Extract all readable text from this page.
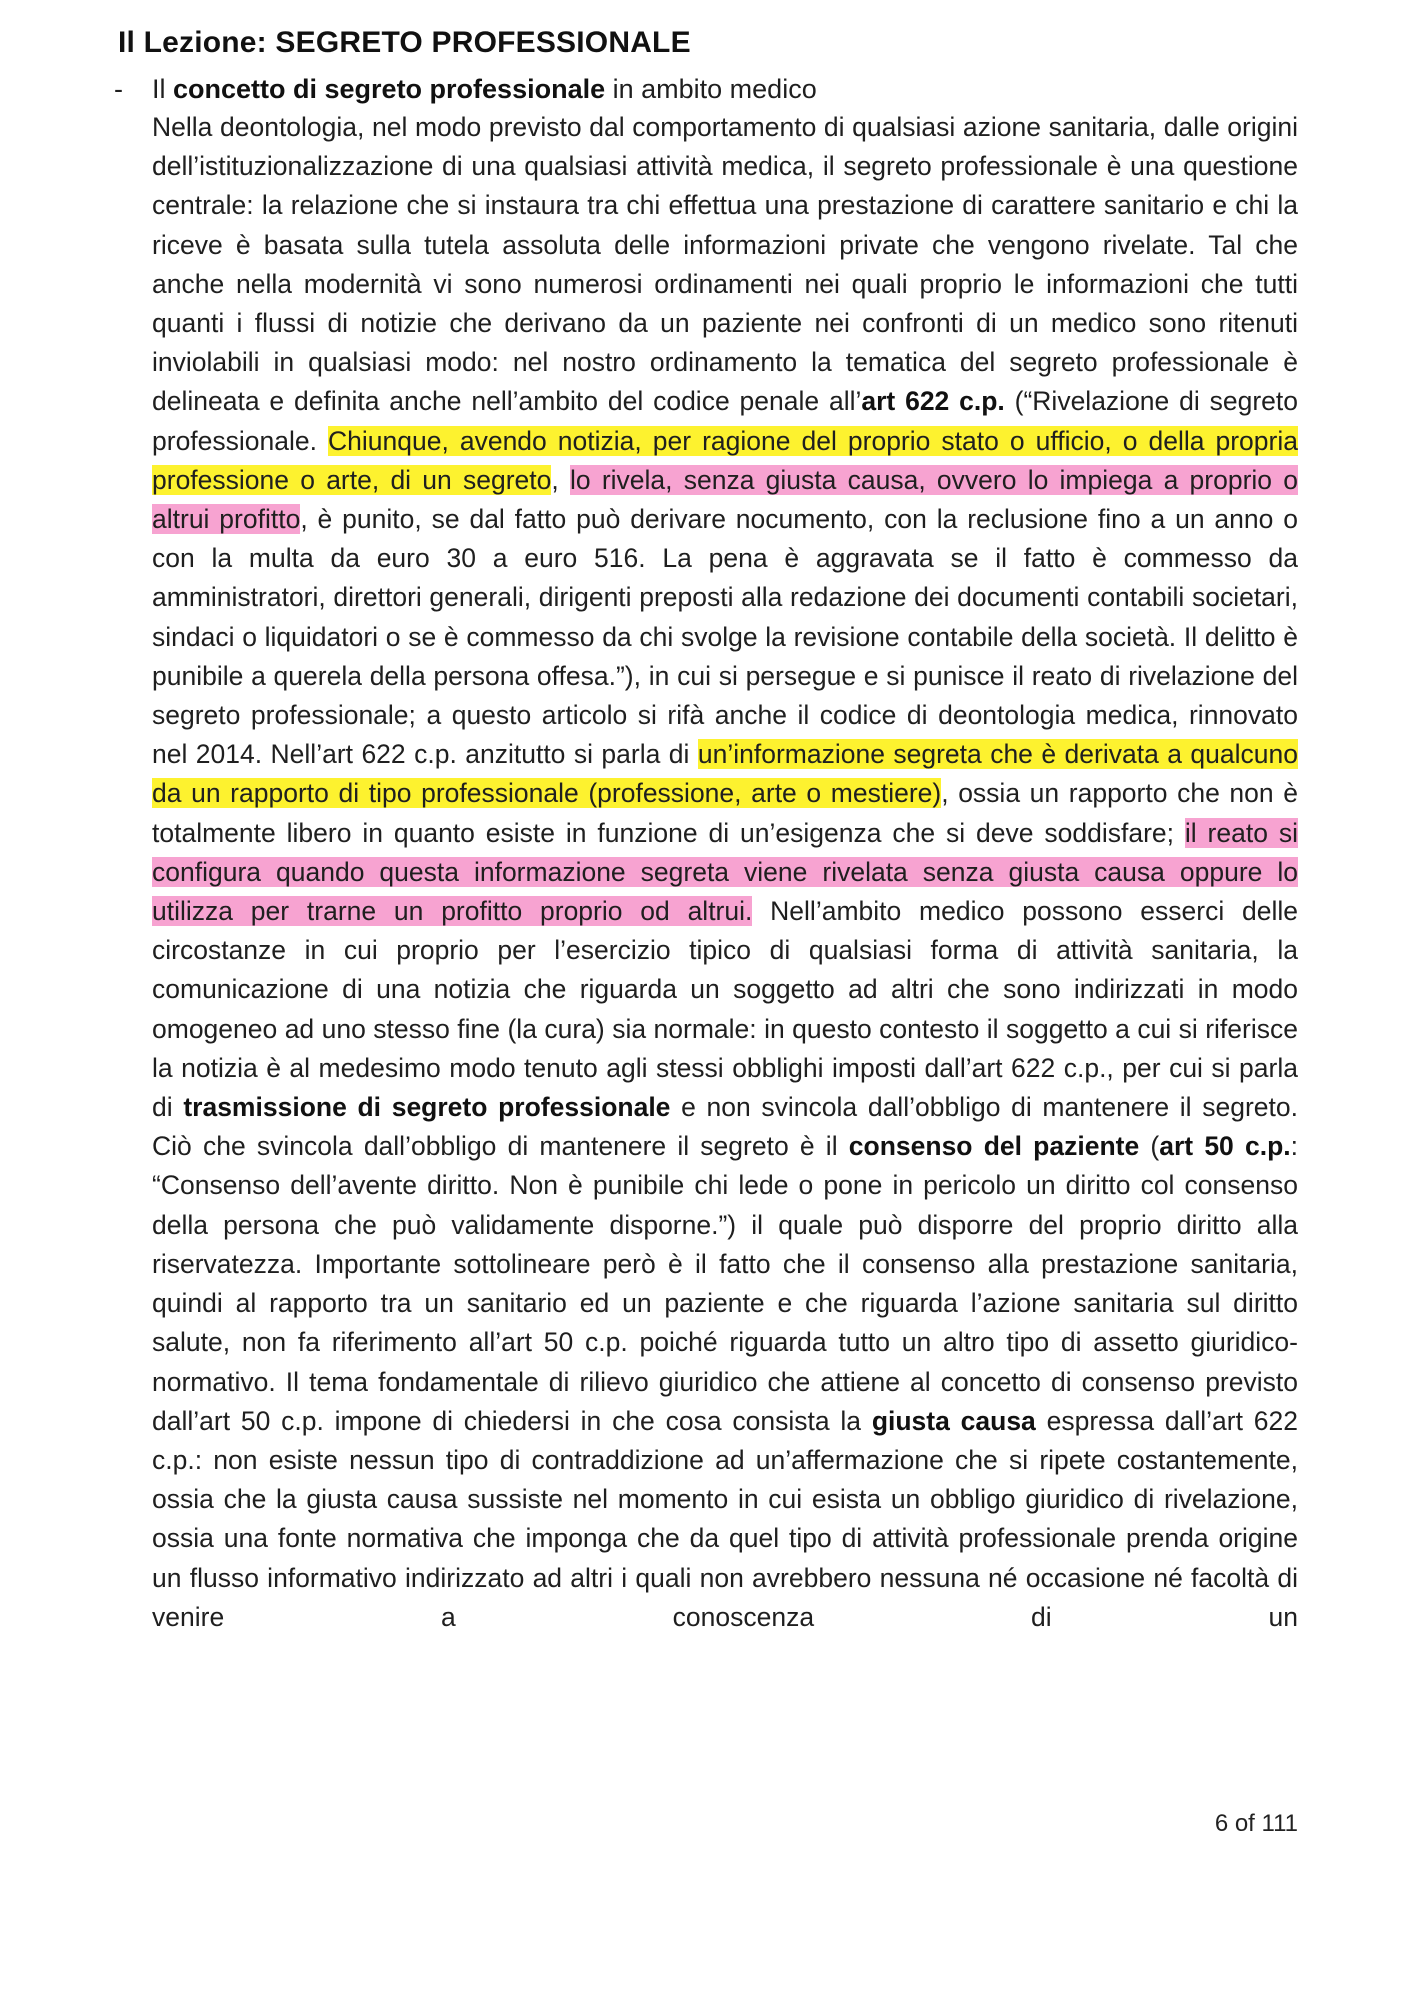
Il Lezione: SEGRETO PROFESSIONALE
- Il concetto di segreto professionale in ambito medico

Nella deontologia, nel modo previsto dal comportamento di qualsiasi azione sanitaria, dalle origini dell’istituzionalizzazione di una qualsiasi attività medica, il segreto professionale è una questione centrale: la relazione che si instaura tra chi effettua una prestazione di carattere sanitario e chi la riceve è basata sulla tutela assoluta delle informazioni private che vengono rivelate. Tal che anche nella modernità vi sono numerosi ordinamenti nei quali proprio le informazioni che tutti quanti i flussi di notizie che derivano da un paziente nei confronti di un medico sono ritenuti inviolabili in qualsiasi modo: nel nostro ordinamento la tematica del segreto professionale è delineata e definita anche nell’ambito del codice penale all’art 622 c.p. (“Rivelazione di segreto professionale. Chiunque, avendo notizia, per ragione del proprio stato o ufficio, o della propria professione o arte, di un segreto, lo rivela, senza giusta causa, ovvero lo impiega a proprio o altrui profitto, è punito, se dal fatto può derivare nocumento, con la reclusione fino a un anno o con la multa da euro 30 a euro 516. La pena è aggravata se il fatto è commesso da amministratori, direttori generali, dirigenti preposti alla redazione dei documenti contabili societari, sindaci o liquidatori o se è commesso da chi svolge la revisione contabile della società. Il delitto è punibile a querela della persona offesa.”), in cui si persegue e si punisce il reato di rivelazione del segreto professionale; a questo articolo si rifà anche il codice di deontologia medica, rinnovato nel 2014. Nell’art 622 c.p. anzitutto si parla di un’informazione segreta che è derivata a qualcuno da un rapporto di tipo professionale (professione, arte o mestiere), ossia un rapporto che non è totalmente libero in quanto esiste in funzione di un’esigenza che si deve soddisfare; il reato si configura quando questa informazione segreta viene rivelata senza giusta causa oppure lo utilizza per trarne un profitto proprio od altrui. Nell’ambito medico possono esserci delle circostanze in cui proprio per l’esercizio tipico di qualsiasi forma di attività sanitaria, la comunicazione di una notizia che riguarda un soggetto ad altri che sono indirizzati in modo omogeneo ad uno stesso fine (la cura) sia normale: in questo contesto il soggetto a cui si riferisce la notizia è al medesimo modo tenuto agli stessi obblighi imposti dall’art 622 c.p., per cui si parla di trasmissione di segreto professionale e non svincola dall’obbligo di mantenere il segreto. Ciò che svincola dall’obbligo di mantenere il segreto è il consenso del paziente (art 50 c.p.: “Consenso dell’avente diritto. Non è punibile chi lede o pone in pericolo un diritto col consenso della persona che può validamente disporne.”) il quale può disporre del proprio diritto alla riservatezza. Importante sottolineare però è il fatto che il consenso alla prestazione sanitaria, quindi al rapporto tra un sanitario ed un paziente e che riguarda l’azione sanitaria sul diritto salute, non fa riferimento all’art 50 c.p. poiché riguarda tutto un altro tipo di assetto giuridico-normativo. Il tema fondamentale di rilievo giuridico che attiene al concetto di consenso previsto dall’art 50 c.p. impone di chiedersi in che cosa consista la giusta causa espressa dall’art 622 c.p.: non esiste nessun tipo di contraddizione ad un’affermazione che si ripete costantemente, ossia che la giusta causa sussiste nel momento in cui esista un obbligo giuridico di rivelazione, ossia una fonte normativa che imponga che da quel tipo di attività professionale prenda origine un flusso informativo indirizzato ad altri i quali non avrebbero nessuna né occasione né facoltà di venire a conoscenza di un

6 of 111
